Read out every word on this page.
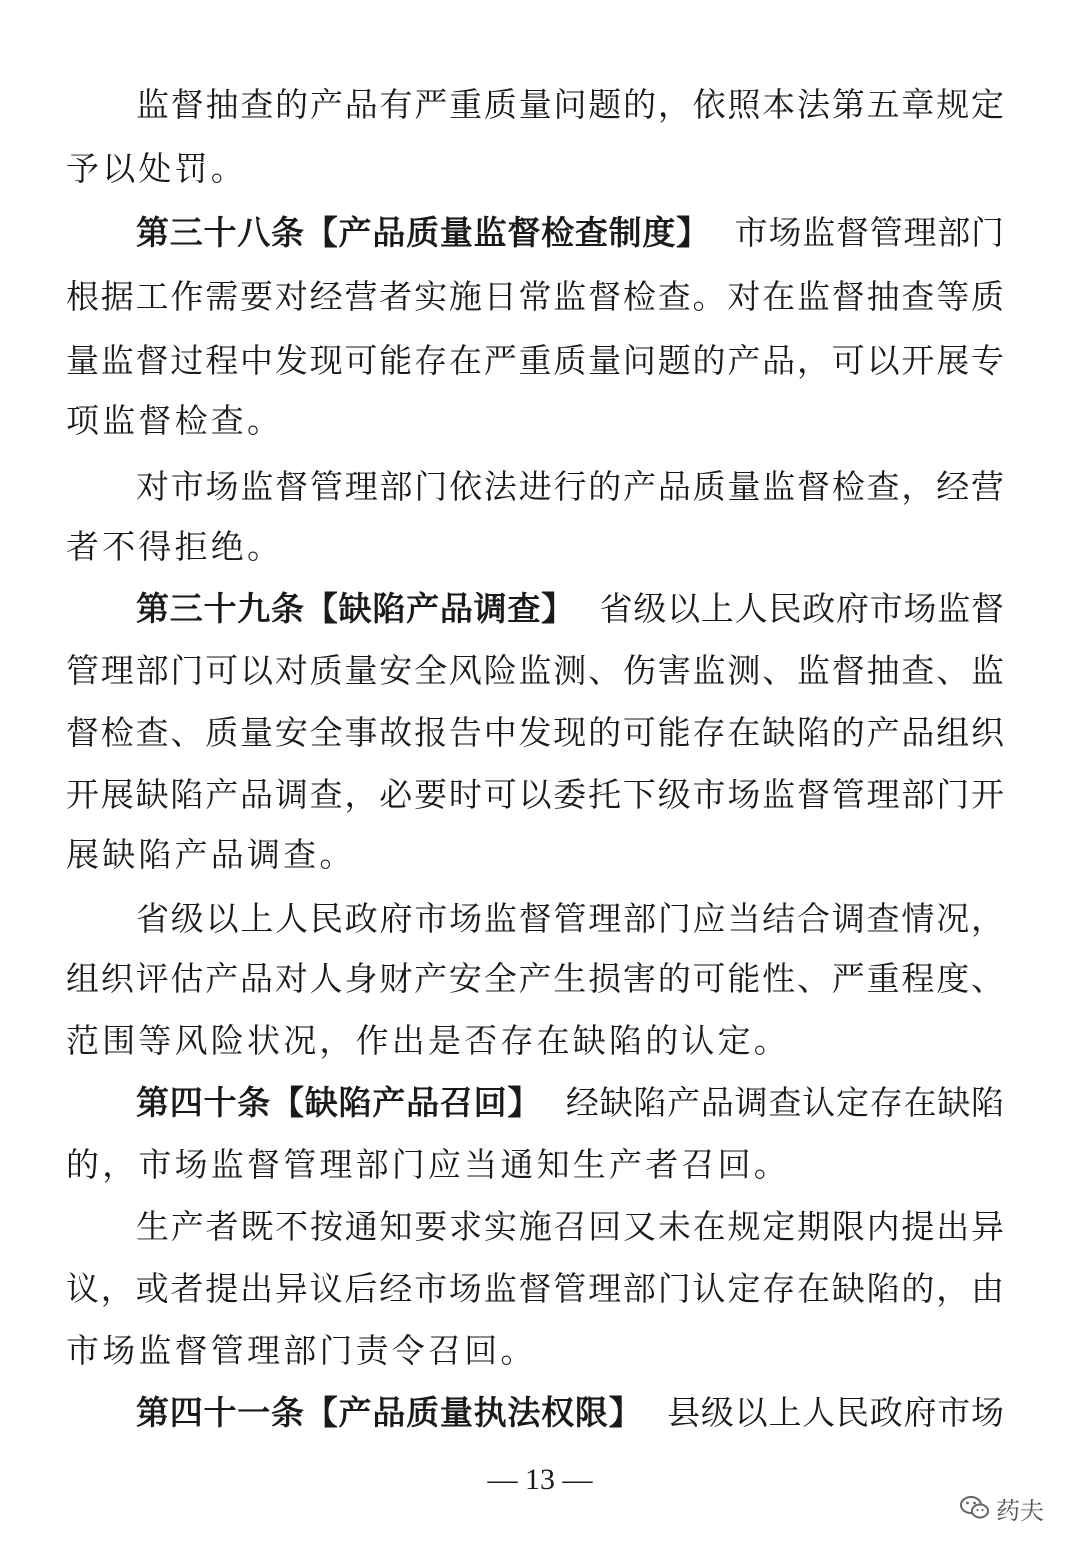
监督抽查的产品有严重质量问题的，依照本法第五章规定
予以处罚。
第三十八条【产品质量监督检查制度】 市场监督管理部门
根据工作需要对经营者实施日常监督检查。对在监督抽查等质
量监督过程中发现可能存在严重质量问题的产品，可以开展专
项监督检查。
对市场监督管理部门依法进行的产品质量监督检查，经营
者不得拒绝。
第三十九条【缺陷产品调查】 省级以上人民政府市场监督
管理部门可以对质量安全风险监测、伤害监测、监督抽查、监
督检查、质量安全事故报告中发现的可能存在缺陷的产品组织
开展缺陷产品调查，必要时可以委托下级市场监督管理部门开
展缺陷产品调查。
省级以上人民政府市场监督管理部门应当结合调查情况，
组织评估产品对人身财产安全产生损害的可能性、严重程度、
范围等风险状况，作出是否存在缺陷的认定。
第四十条【缺陷产品召回】 经缺陷产品调查认定存在缺陷
的，市场监督管理部门应当通知生产者召回。
生产者既不按通知要求实施召回又未在规定期限内提出异
议，或者提出异议后经市场监督管理部门认定存在缺陷的，由
市场监督管理部门责令召回。
第四十一条【产品质量执法权限】 县级以上人民政府市场
— 13 —
药夫
